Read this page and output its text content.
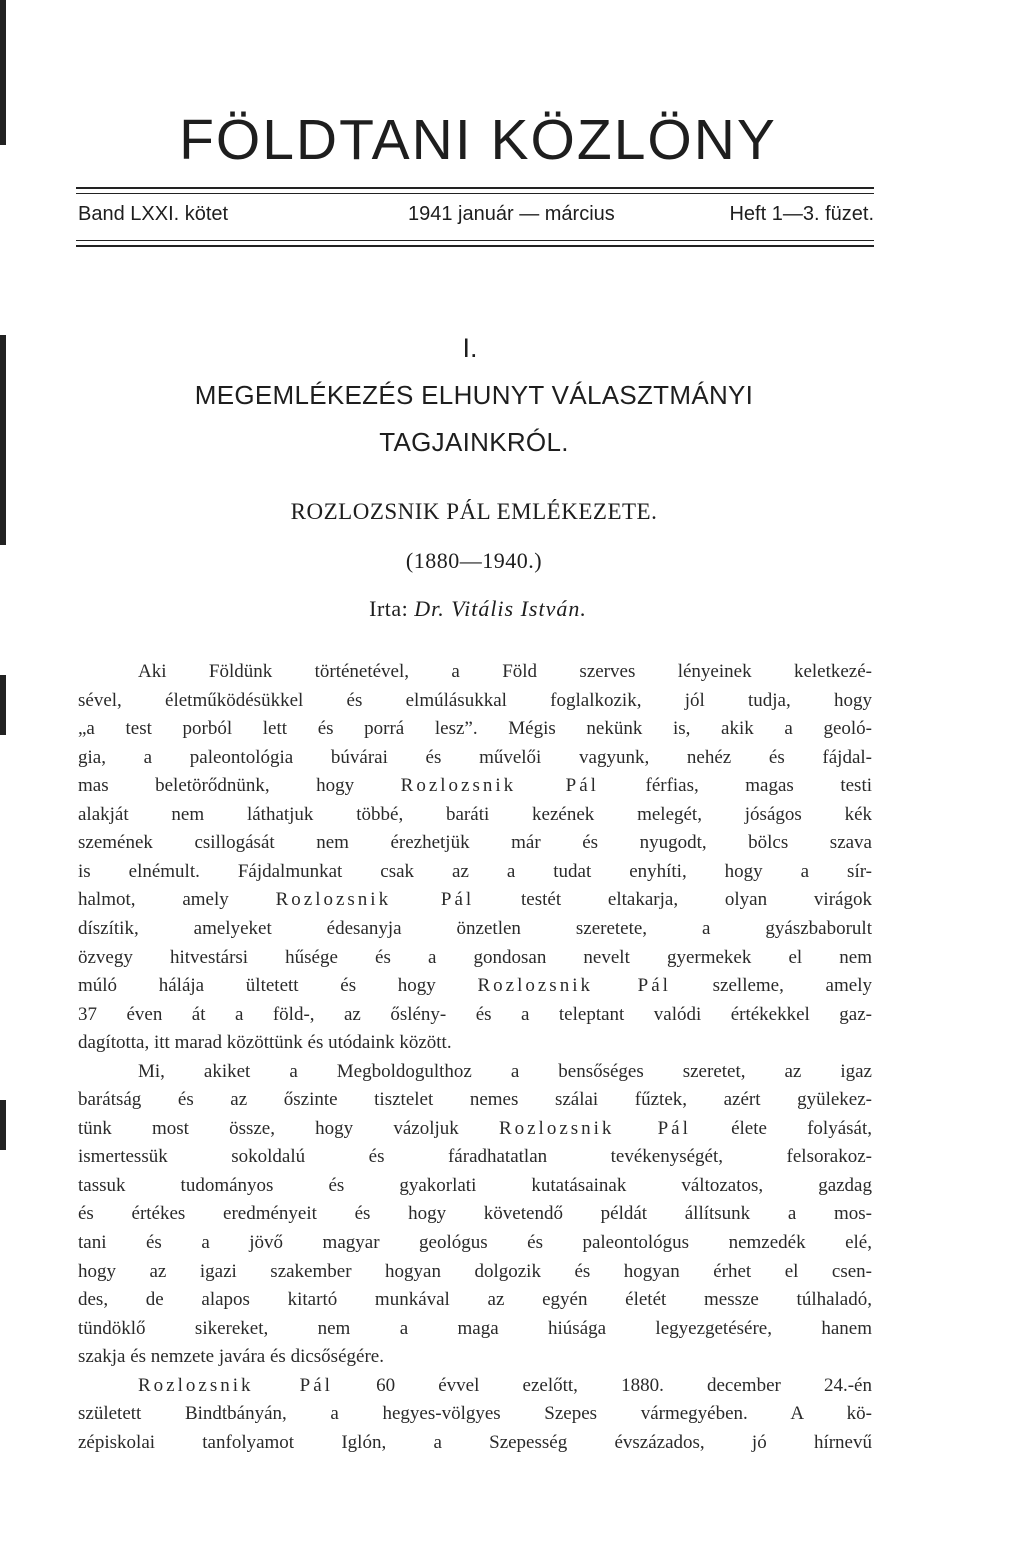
FÖLDTANI KÖZLÖNY
Band LXXI. kötet	1941 január — március	Heft 1—3. füzet.
I.
MEGEMLÉKEZÉS ELHUNYT VÁLASZTMÁNYI
TAGJAINKRÓL.
ROZLOZSNIK PÁL EMLÉKEZETE.
(1880—1940.)
Irta: Dr. Vitális István.
Aki Földünk történetével, a Föld szerves lényeinek keletkezé-
sével, életműködésükkel és elmúlásukkal foglalkozik, jól tudja, hogy
„a test porból lett és porrá lesz”. Mégis nekünk is, akik a geoló-
gia, a paleontológia búvárai és művelői vagyunk, nehéz és fájdal-
mas beletörődnünk, hogy Rozlozsnik Pál férfias, magas testi
alakját nem láthatjuk többé, baráti kezének melegét, jóságos kék
szemének csillogását nem érezhetjük már és nyugodt, bölcs szava
is elnémult. Fájdalmunkat csak az a tudat enyhíti, hogy a sír-
halmot, amely Rozlozsnik Pál testét eltakarja, olyan virágok
díszítik, amelyeket édesanyja önzetlen szeretete, a gyászbaborult
özvegy hitvestársi hűsége és a gondosan nevelt gyermekek el nem
múló hálája ültetett és hogy Rozlozsnik Pál szelleme, amely
37 éven át a föld-, az őslény- és a teleptant valódi értékekkel gaz-
dagította, itt marad közöttünk és utódaink között.
Mi, akiket a Megboldogulthoz a bensőséges szeretet, az igaz
barátság és az őszinte tisztelet nemes szálai fűztek, azért gyülekez-
tünk most össze, hogy vázoljuk Rozlozsnik Pál élete folyását,
ismertessük sokoldalú és fáradhatatlan tevékenységét, felsorakoz-
tassuk tudományos és gyakorlati kutatásainak változatos, gazdag
és értékes eredményeit és hogy követendő példát állítsunk a mos-
tani és a jövő magyar geológus és paleontológus nemzedék elé,
hogy az igazi szakember hogyan dolgozik és hogyan érhet el csen-
des, de alapos kitartó munkával az egyén életét messze túlhaladó,
tündöklő sikereket, nem a maga hiúsága legyezgetésére, hanem
szakja és nemzete javára és dicsőségére.
Rozlozsnik Pál 60 évvel ezelőtt, 1880. december 24.-én
született Bindtbányán, a hegyes-völgyes Szepes vármegyében. A kö-
zépiskolai tanfolyamot Iglón, a Szepesség évszázados, jó hírnevű
